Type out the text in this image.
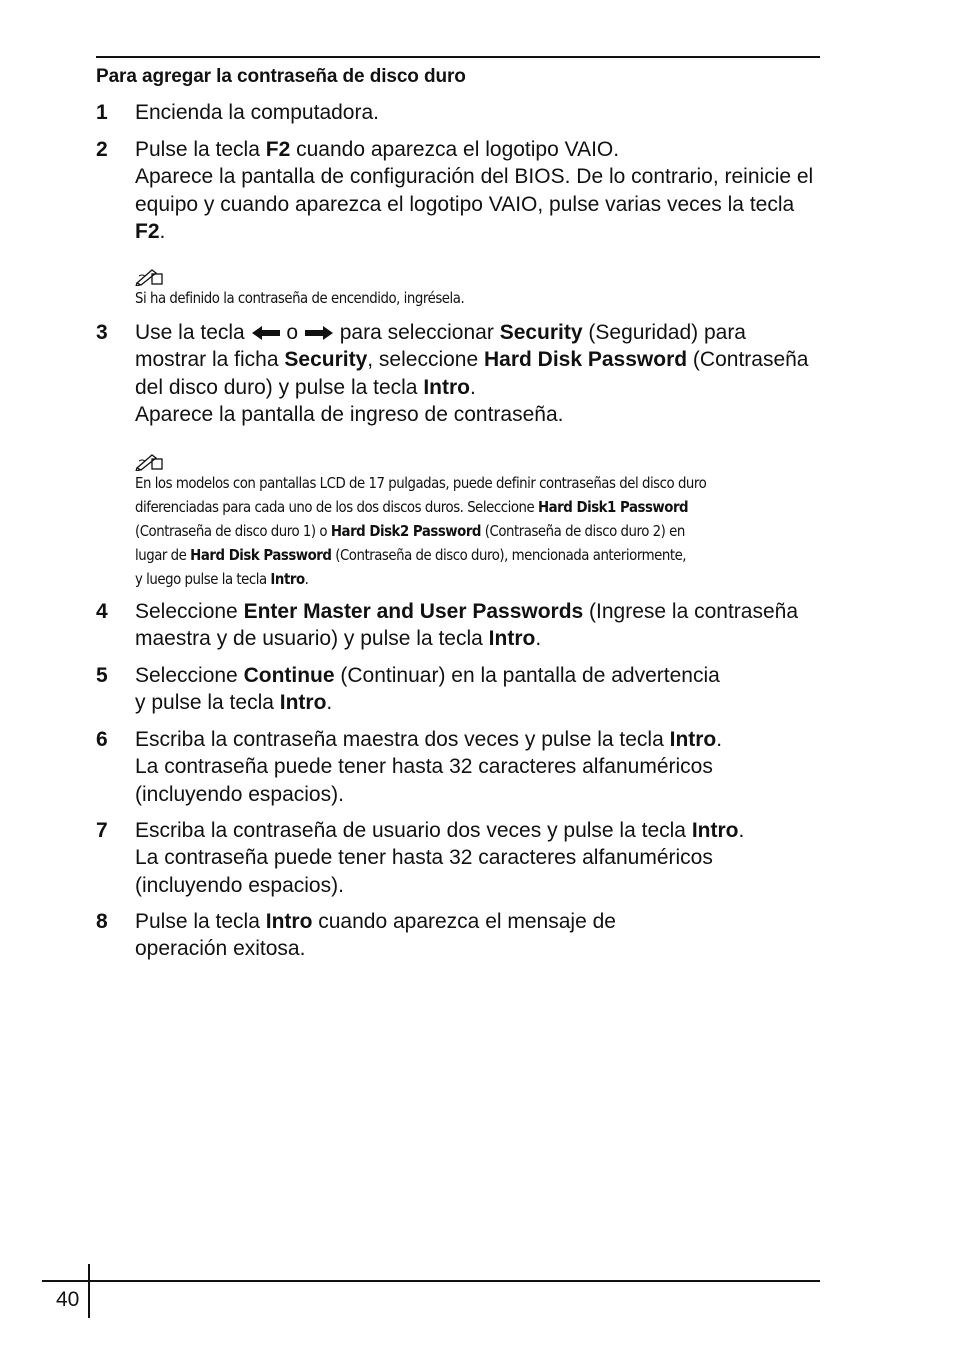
Para agregar la contraseña de disco duro
1	Encienda la computadora.

2	Pulse la tecla F2 cuando aparezca el logotipo VAIO.

Aparece la pantalla de configuración del BIOS. De lo contrario, reinicie el equipo y cuando aparezca el logotipo VAIO, pulse varias veces la tecla F2.

Si ha definido la contraseña de encendido, ingrésela.

3	Use la tecla  o  para seleccionar Security (Seguridad) para mostrar la ficha Security, seleccione Hard Disk Password (Contraseña del disco duro) y pulse la tecla Intro.

Aparece la pantalla de ingreso de contraseña.

En los modelos con pantallas LCD de 17 pulgadas, puede definir contraseñas del disco duro
diferenciadas para cada uno de los dos discos duros. Seleccione Hard Disk1 Password
(Contraseña de disco duro 1) o Hard Disk2 Password (Contraseña de disco duro 2) en
lugar de Hard Disk Password (Contraseña de disco duro), mencionada anteriormente,
y luego pulse la tecla Intro.
4	Seleccione Enter Master and User Passwords (Ingrese la contraseña maestra y de usuario) y pulse la tecla Intro.

5	Seleccione Continue (Continuar) en la pantalla de advertencia

y pulse la tecla Intro.

6	Escriba la contraseña maestra dos veces y pulse la tecla Intro.

La contraseña puede tener hasta 32 caracteres alfanuméricos

(incluyendo espacios).

7	Escriba la contraseña de usuario dos veces y pulse la tecla Intro.

La contraseña puede tener hasta 32 caracteres alfanuméricos

(incluyendo espacios).

8	Pulse la tecla Intro cuando aparezca el mensaje de

operación exitosa.

40
